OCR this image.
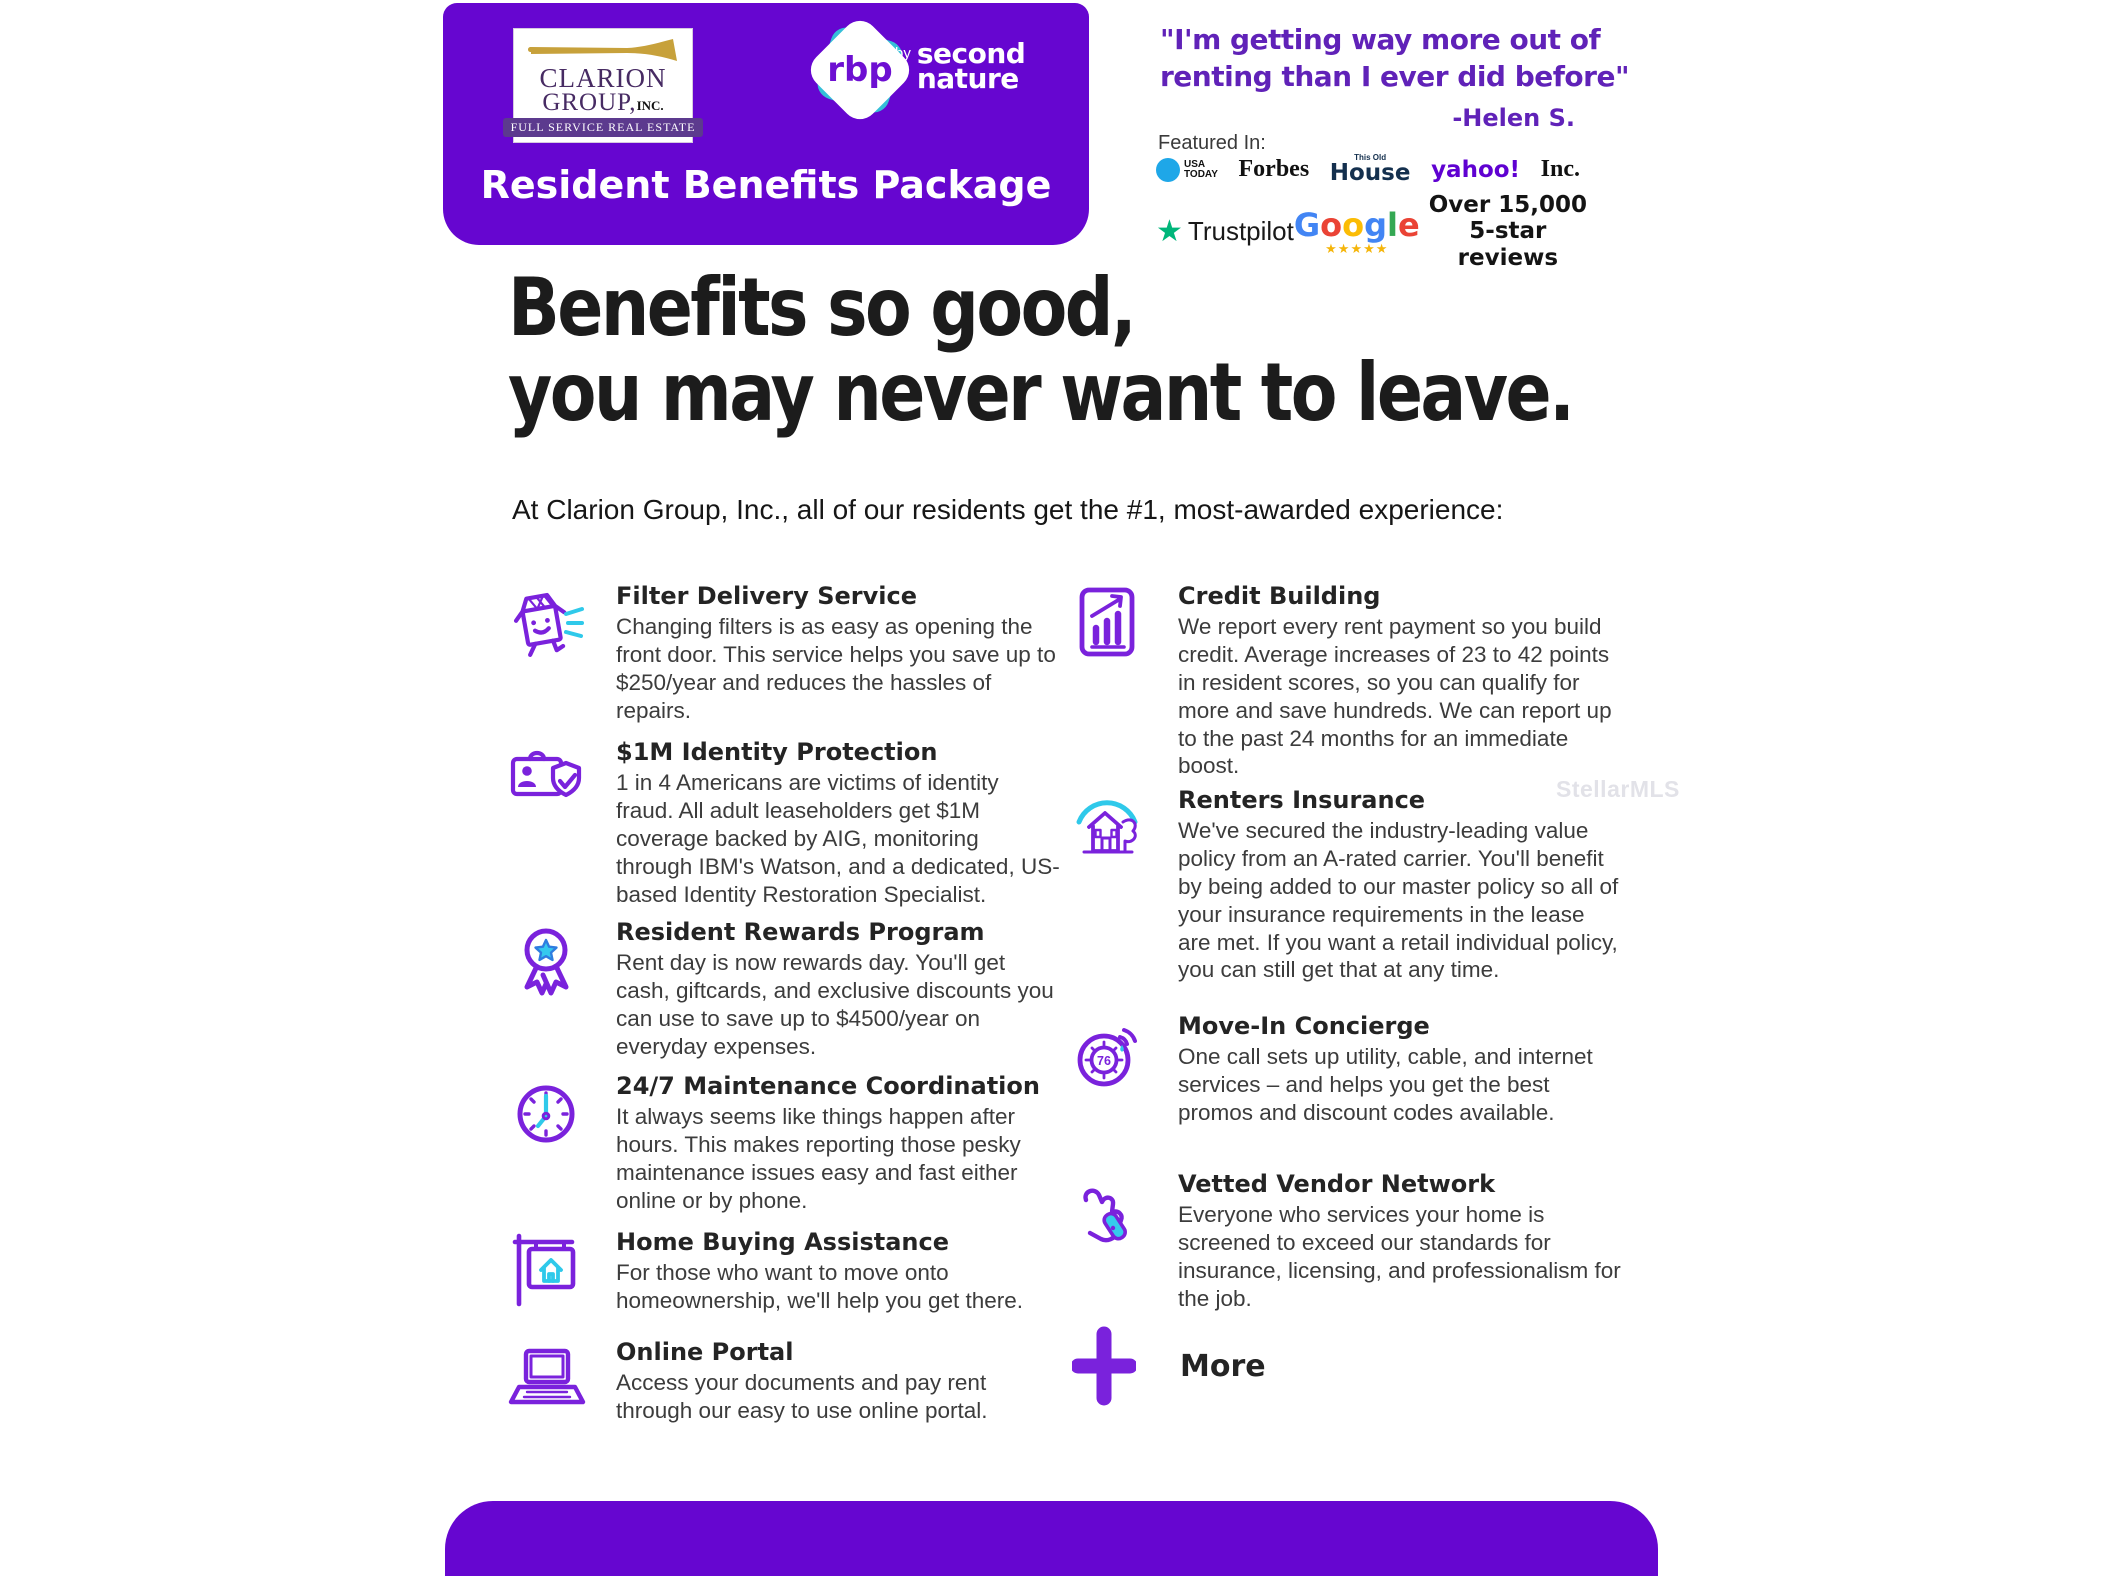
CLARION
GROUP,INC.
FULL SERVICE REAL ESTATE
rbp by second
nature
Resident Benefits Package
"I'm getting way more out of
renting than I ever did before"
-Helen S.
Featured In:
USA
TODAY Forbes	This Old
House yahoo! Inc.
★ Trustpilot Google
★★★★★
Over 15,000
5-star reviews
Benefits so good,
you may never want to leave.
At Clarion Group, Inc., all of our residents get the #1, most-awarded experience:
Filter Delivery Service
Changing filters is as easy as opening the front door. This service helps you save up to $250/year and reduces the hassles of repairs.
$1M Identity Protection
1 in 4 Americans are victims of identity fraud. All adult leaseholders get $1M coverage backed by AIG, monitoring through IBM's Watson, and a dedicated, US-based Identity Restoration Specialist.
Resident Rewards Program
Rent day is now rewards day. You'll get cash, giftcards, and exclusive discounts you can use to save up to $4500/year on everyday expenses.
24/7 Maintenance Coordination
It always seems like things happen after hours. This makes reporting those pesky maintenance issues easy and fast either online or by phone.
Home Buying Assistance
For those who want to move onto homeownership, we'll help you get there.
Online Portal
Access your documents and pay rent through our easy to use online portal.
Credit Building
We report every rent payment so you build credit. Average increases of 23 to 42 points in resident scores, so you can qualify for more and save hundreds. We can report up to the past 24 months for an immediate boost.
Renters Insurance
We've secured the industry-leading value policy from an A-rated carrier. You'll benefit by being added to our master policy so all of your insurance requirements in the lease are met. If you want a retail individual policy, you can still get that at any time.
76
Move-In Concierge
One call sets up utility, cable, and internet services – and helps you get the best promos and discount codes available.
Vetted Vendor Network
Everyone who services your home is screened to exceed our standards for insurance, licensing, and professionalism for the job.
More
StellarMLS
